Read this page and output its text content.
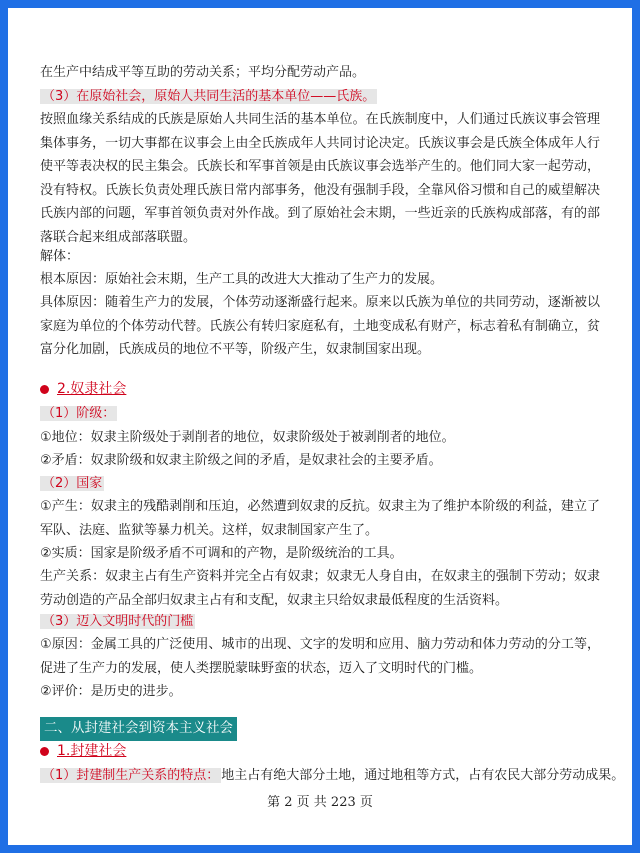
在生产中结成平等互助的劳动关系；平均分配劳动产品。

（3）在原始社会，原始人共同生活的基本单位——氏族。

按照血缘关系结成的氏族是原始人共同生活的基本单位。在氏族制度中，人们通过氏族议事会管理集体事务，一切大事都在议事会上由全氏族成年人共同讨论决定。氏族议事会是氏族全体成年人行使平等表决权的民主集会。氏族长和军事首领是由氏族议事会选举产生的。他们同大家一起劳动，没有特权。氏族长负责处理氏族日常内部事务，他没有强制手段，全靠风俗习惯和自己的威望解决氏族内部的问题，军事首领负责对外作战。到了原始社会末期，一些近亲的氏族构成部落，有的部落联合起来组成部落联盟。

解体：

根本原因：原始社会末期，生产工具的改进大大推动了生产力的发展。

具体原因：随着生产力的发展，个体劳动逐渐盛行起来。原来以氏族为单位的共同劳动，逐渐被以家庭为单位的个体劳动代替。氏族公有转归家庭私有，土地变成私有财产，标志着私有制确立，贫富分化加剧，氏族成员的地位不平等，阶级产生，奴隶制国家出现。

2.奴隶社会

（1）阶级：

①地位：奴隶主阶级处于剥削者的地位，奴隶阶级处于被剥削者的地位。

②矛盾：奴隶阶级和奴隶主阶级之间的矛盾，是奴隶社会的主要矛盾。

（2）国家

①产生：奴隶主的残酷剥削和压迫，必然遭到奴隶的反抗。奴隶主为了维护本阶级的利益，建立了军队、法庭、监狱等暴力机关。这样，奴隶制国家产生了。

②实质：国家是阶级矛盾不可调和的产物，是阶级统治的工具。

生产关系：奴隶主占有生产资料并完全占有奴隶；奴隶无人身自由，在奴隶主的强制下劳动；奴隶劳动创造的产品全部归奴隶主占有和支配，奴隶主只给奴隶最低程度的生活资料。

（3）迈入文明时代的门槛

①原因：金属工具的广泛使用、城市的出现、文字的发明和应用、脑力劳动和体力劳动的分工等，促进了生产力的发展，使人类摆脱蒙昧野蛮的状态，迈入了文明时代的门槛。

②评价：是历史的进步。

二、从封建社会到资本主义社会
1.封建社会

（1）封建制生产关系的特点： 地主占有绝大部分土地，通过地租等方式，占有农民大部分劳动成果。

第 2 页 共 223 页
